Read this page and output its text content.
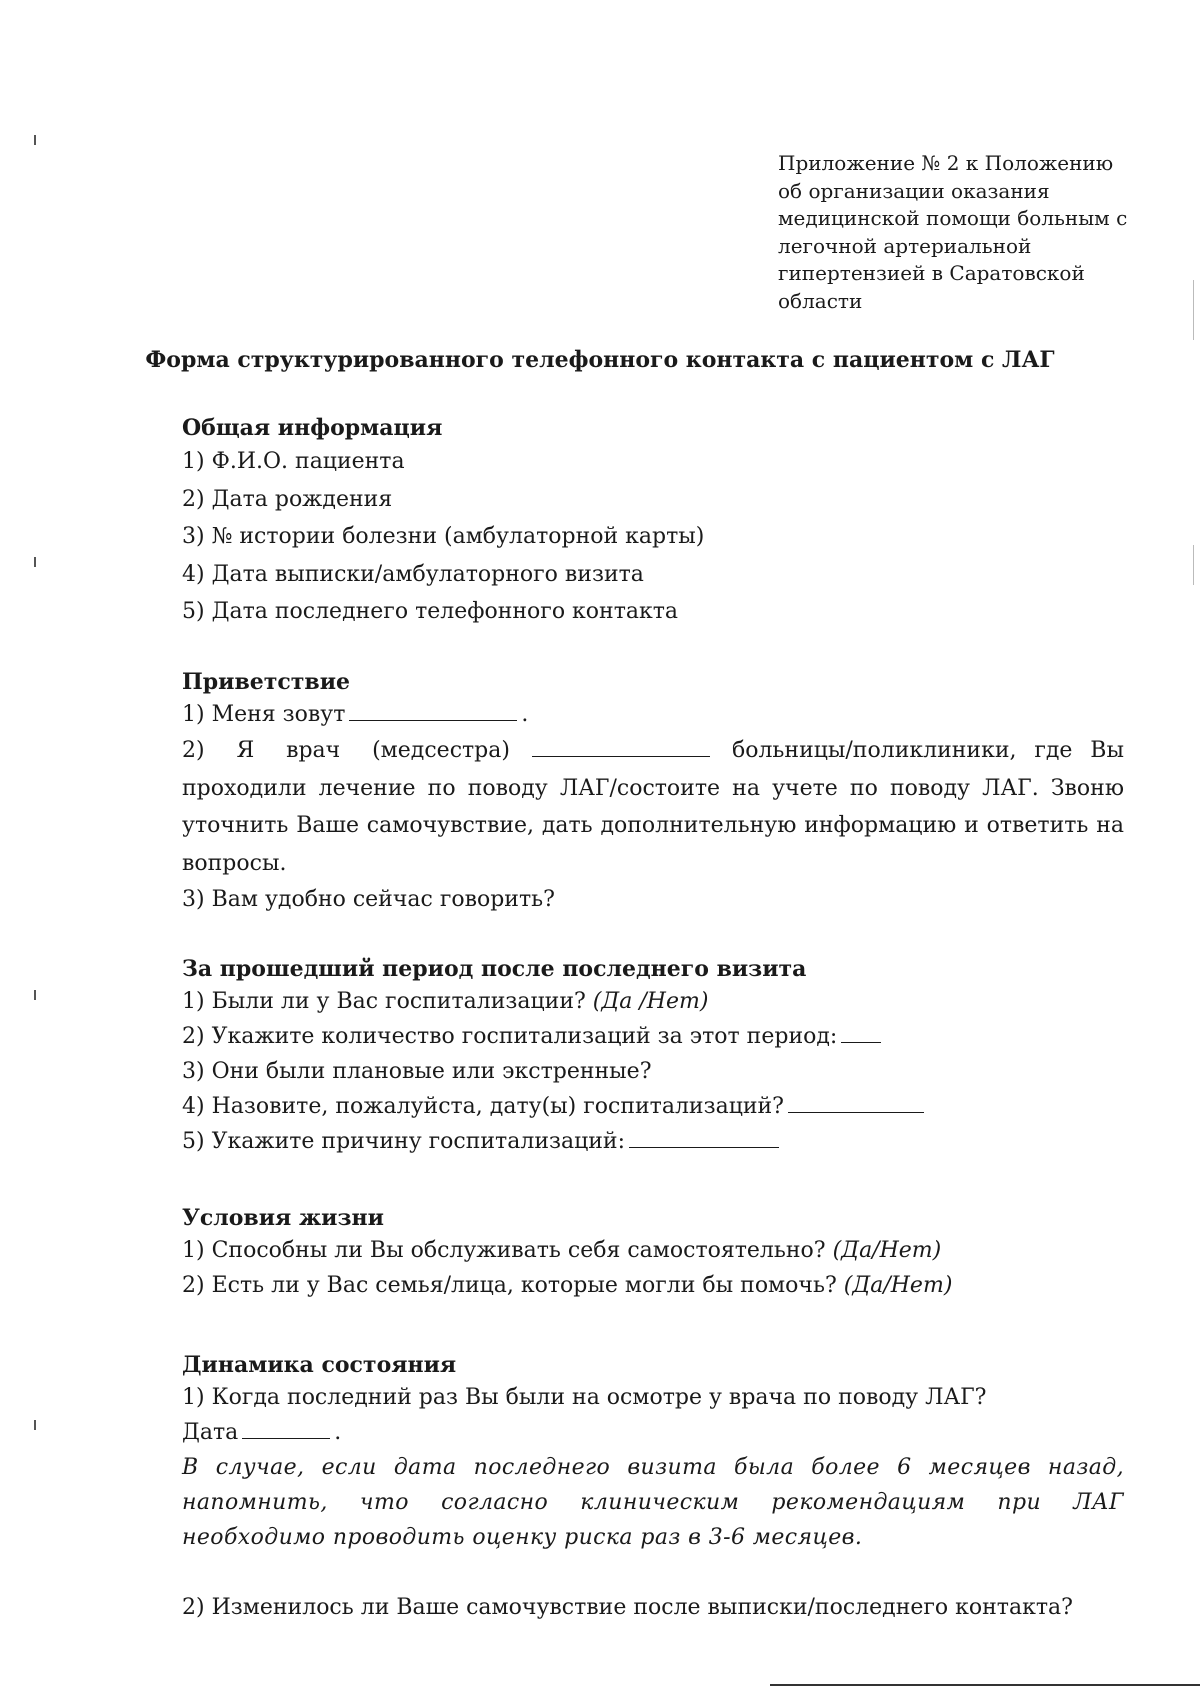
Приложение № 2 к Положению
об организации оказания
медицинской помощи больным с
легочной артериальной
гипертензией в Саратовской
области
Форма структурированного телефонного контакта с пациентом с ЛАГ
Общая информация
1) Ф.И.О. пациента
2) Дата рождения
3) № истории болезни (амбулаторной карты)
4) Дата выписки/амбулаторного визита
5) Дата последнего телефонного контакта
Приветствие
1) Меня зовут	.
2) Я врач (медсестра)	больницы/поликлиники, где Вы проходили лечение по поводу ЛАГ/состоите на учете по поводу ЛАГ. Звоню уточнить Ваше самочувствие, дать дополнительную информацию и ответить на вопросы.
3) Вам удобно сейчас говорить?
За прошедший период после последнего визита
1) Были ли у Вас госпитализации? (Да /Нет)
2) Укажите количество госпитализаций за этот период:
3) Они были плановые или экстренные?
4) Назовите, пожалуйста, дату(ы) госпитализаций?
5) Укажите причину госпитализаций:
Условия жизни
1) Способны ли Вы обслуживать себя самостоятельно? (Да/Нет)
2) Есть ли у Вас семья/лица, которые могли бы помочь? (Да/Нет)
Динамика состояния
1) Когда последний раз Вы были на осмотре у врача по поводу ЛАГ?
Дата	.
В случае, если дата последнего визита была более 6 месяцев назад, напомнить, что согласно клиническим рекомендациям при ЛАГ необходимо проводить оценку риска раз в 3-6 месяцев.
2) Изменилось ли Ваше самочувствие после выписки/последнего контакта?
